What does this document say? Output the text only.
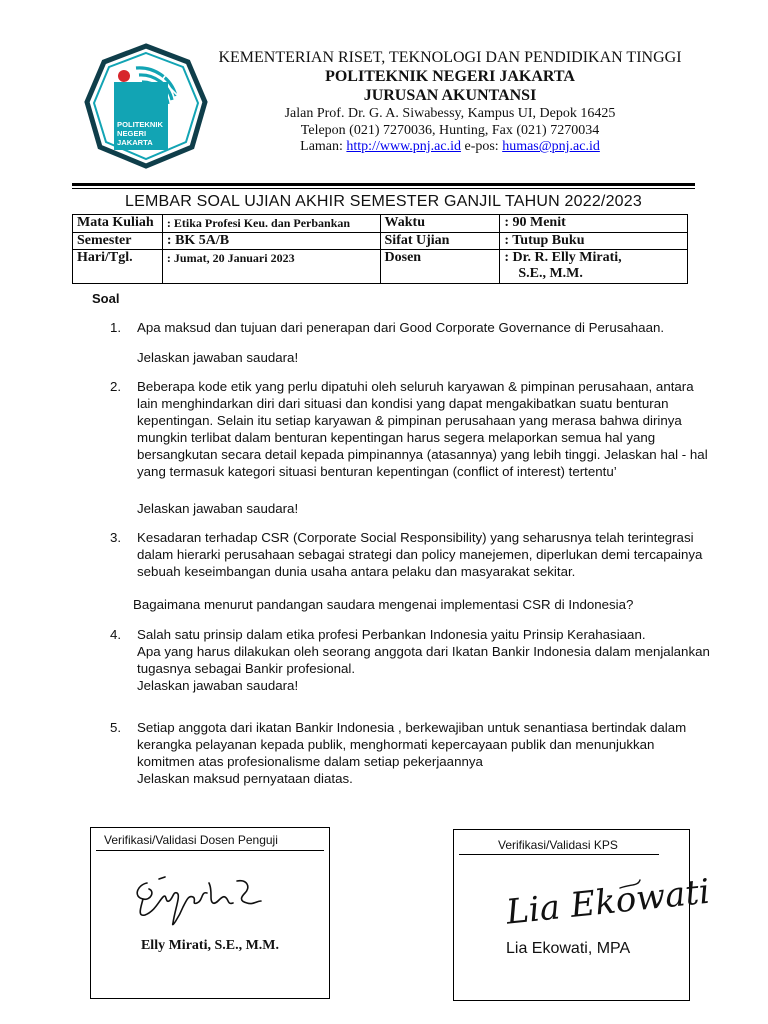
POLITEKNIK
NEGERI
JAKARTA
KEMENTERIAN RISET, TEKNOLOGI DAN PENDIDIKAN TINGGI
POLITEKNIK NEGERI JAKARTA
JURUSAN AKUNTANSI
Jalan Prof. Dr. G. A. Siwabessy, Kampus UI, Depok 16425
Telepon (021) 7270036, Hunting, Fax (021) 7270034
Laman: http://www.pnj.ac.id e-pos: humas@pnj.ac.id
LEMBAR SOAL UJIAN AKHIR SEMESTER GANJIL TAHUN 2022/2023
Mata Kuliah	: Etika Profesi Keu. dan Perbankan	Waktu	: 90 Menit
Semester	: BK 5A/B	Sifat Ujian	: Tutup Buku
Hari/Tgl.	: Jumat, 20 Januari 2023	Dosen	: Dr. R. Elly Mirati,
S.E., M.M.
Soal
1. Apa maksud dan tujuan dari penerapan dari Good Corporate Governance di Perusahaan.
Jelaskan jawaban saudara!
2. Beberapa kode etik yang perlu dipatuhi oleh seluruh karyawan & pimpinan perusahaan, antara
lain menghindarkan diri dari situasi dan kondisi yang dapat mengakibatkan suatu benturan
kepentingan. Selain itu setiap karyawan & pimpinan perusahaan yang merasa bahwa dirinya
mungkin terlibat dalam benturan kepentingan harus segera melaporkan semua hal yang
bersangkutan secara detail kepada pimpinannya (atasannya) yang lebih tinggi. Jelaskan hal - hal
yang termasuk kategori situasi benturan kepentingan (conflict of interest) tertentu’
Jelaskan jawaban saudara!
3. Kesadaran terhadap CSR (Corporate Social Responsibility) yang seharusnya telah terintegrasi
dalam hierarki perusahaan sebagai strategi dan policy manejemen, diperlukan demi tercapainya
sebuah keseimbangan dunia usaha antara pelaku dan masyarakat sekitar.
Bagaimana menurut pandangan saudara mengenai implementasi CSR di Indonesia?
4. Salah satu prinsip dalam etika profesi Perbankan Indonesia yaitu Prinsip Kerahasiaan.
Apa yang harus dilakukan oleh seorang anggota dari Ikatan Bankir Indonesia dalam menjalankan
tugasnya sebagai Bankir profesional.
Jelaskan jawaban saudara!
5. Setiap anggota dari ikatan Bankir Indonesia , berkewajiban untuk senantiasa bertindak dalam
kerangka pelayanan kepada publik, menghormati kepercayaan publik dan menunjukkan
komitmen atas profesionalisme dalam setiap pekerjaannya
Jelaskan maksud pernyataan diatas.
Verifikasi/Validasi Dosen Penguji
Elly Mirati, S.E., M.M.
Verifikasi/Validasi KPS
Lia Ekowati
Lia Ekowati, MPA
